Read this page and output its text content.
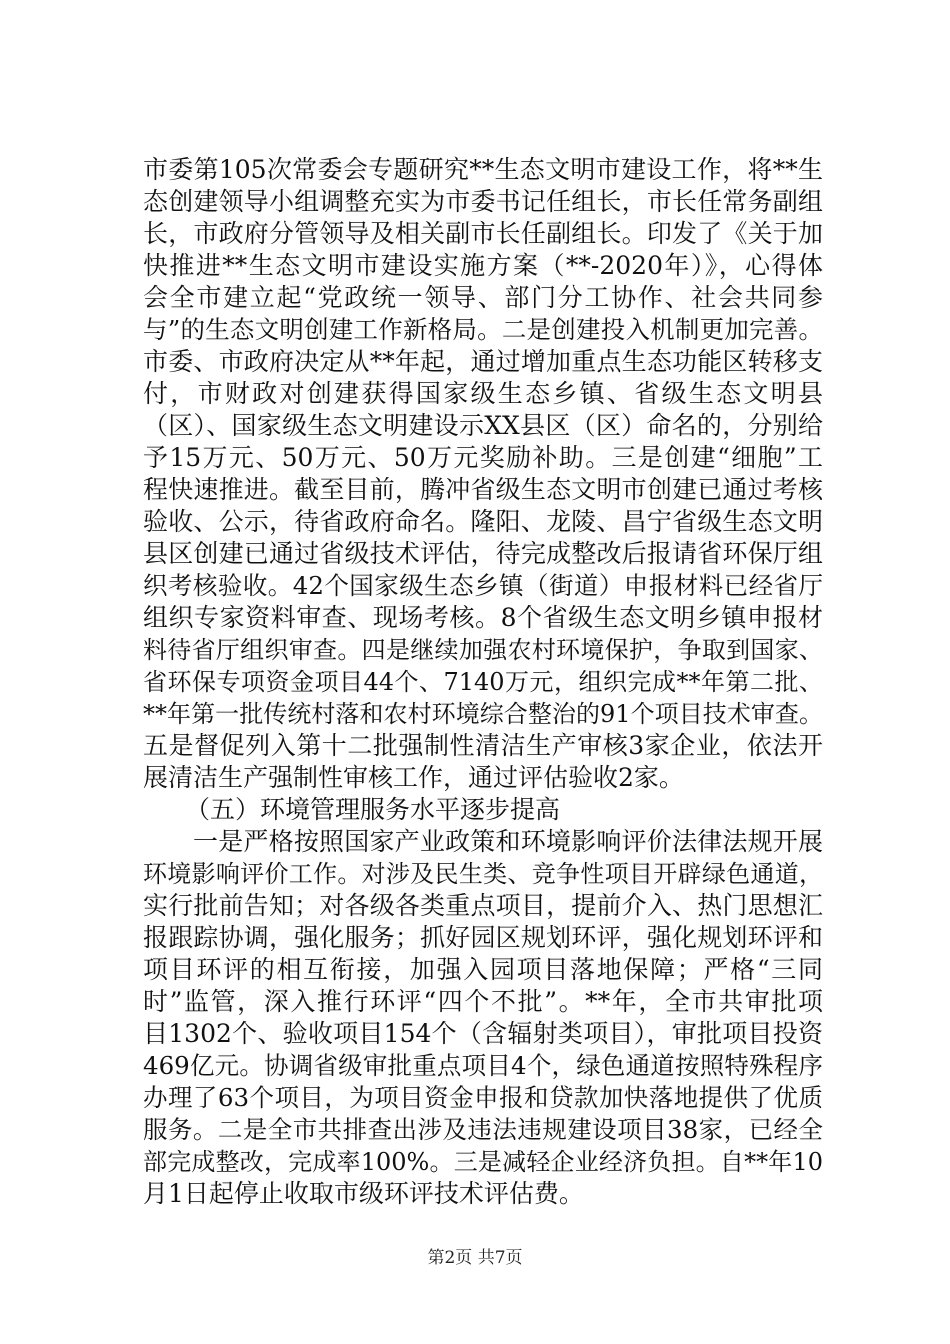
市委第105次常委会专题研究**生态文明市建设工作，将**生
态创建领导小组调整充实为市委书记任组长，市长任常务副组
长，市政府分管领导及相关副市长任副组长。印发了《关于加
快推进**生态文明市建设实施方案（**-2020年）》，心得体
会全市建立起“党政统一领导、部门分工协作、社会共同参
与”的生态文明创建工作新格局。二是创建投入机制更加完善。
市委、市政府决定从**年起，通过增加重点生态功能区转移支
付，市财政对创建获得国家级生态乡镇、省级生态文明县
（区）、国家级生态文明建设示XX县区（区）命名的，分别给
予15万元、50万元、50万元奖励补助。三是创建“细胞”工
程快速推进。截至目前，腾冲省级生态文明市创建已通过考核
验收、公示，待省政府命名。隆阳、龙陵、昌宁省级生态文明
县区创建已通过省级技术评估，待完成整改后报请省环保厅组
织考核验收。42个国家级生态乡镇（街道）申报材料已经省厅
组织专家资料审查、现场考核。8个省级生态文明乡镇申报材
料待省厅组织审查。四是继续加强农村环境保护，争取到国家、
省环保专项资金项目44个、7140万元，组织完成**年第二批、
**年第一批传统村落和农村环境综合整治的91个项目技术审查。
五是督促列入第十二批强制性清洁生产审核3家企业，依法开
展清洁生产强制性审核工作，通过评估验收2家。
（五）环境管理服务水平逐步提高
一是严格按照国家产业政策和环境影响评价法律法规开展
环境影响评价工作。对涉及民生类、竞争性项目开辟绿色通道，
实行批前告知；对各级各类重点项目，提前介入、热门思想汇
报跟踪协调，强化服务；抓好园区规划环评，强化规划环评和
项目环评的相互衔接，加强入园项目落地保障；严格“三同
时”监管，深入推行环评“四个不批”。**年，全市共审批项
目1302个、验收项目154个（含辐射类项目），审批项目投资
469亿元。协调省级审批重点项目4个，绿色通道按照特殊程序
办理了63个项目，为项目资金申报和贷款加快落地提供了优质
服务。二是全市共排查出涉及违法违规建设项目38家，已经全
部完成整改，完成率100%。三是减轻企业经济负担。自**年10
月1日起停止收取市级环评技术评估费。
第2页 共7页
